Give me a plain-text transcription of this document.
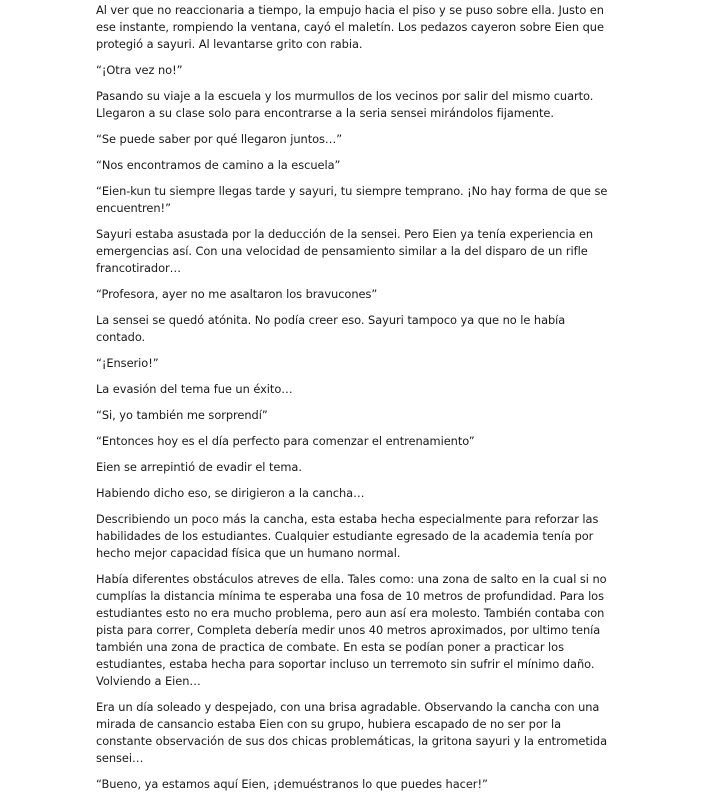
Al ver que no reaccionaria a tiempo, la empujo hacia el piso y se puso sobre ella. Justo en ese instante, rompiendo la ventana, cayó el maletín. Los pedazos cayeron sobre Eien que protegió a sayuri. Al levantarse grito con rabia.

“¡Otra vez no!”

Pasando su viaje a la escuela y los murmullos de los vecinos por salir del mismo cuarto. Llegaron a su clase solo para encontrarse a la seria sensei mirándolos fijamente.

“Se puede saber por qué llegaron juntos…”

“Nos encontramos de camino a la escuela”

“Eien-kun tu siempre llegas tarde y sayuri, tu siempre temprano. ¡No hay forma de que se encuentren!”

Sayuri estaba asustada por la deducción de la sensei. Pero Eien ya tenía experiencia en emergencias así. Con una velocidad de pensamiento similar a la del disparo de un rifle francotirador…

“Profesora, ayer no me asaltaron los bravucones”

La sensei se quedó atónita. No podía creer eso. Sayuri tampoco ya que no le había contado.

“¡Enserio!”

La evasión del tema fue un éxito…

“Si, yo también me sorprendí”

“Entonces hoy es el día perfecto para comenzar el entrenamiento”

Eien se arrepintió de evadir el tema.

Habiendo dicho eso, se dirigieron a la cancha…

Describiendo un poco más la cancha, esta estaba hecha especialmente para reforzar las habilidades de los estudiantes. Cualquier estudiante egresado de la academia tenía por hecho mejor capacidad física que un humano normal.

Había diferentes obstáculos atreves de ella. Tales como: una zona de salto en la cual si no cumplías la distancia mínima te esperaba una fosa de 10 metros de profundidad. Para los estudiantes esto no era mucho problema, pero aun así era molesto. También contaba con pista para correr, Completa debería medir unos 40 metros aproximados, por ultimo tenía también una zona de practica de combate. En esta se podían poner a practicar los estudiantes, estaba hecha para soportar incluso un terremoto sin sufrir el mínimo daño. Volviendo a Eien…

Era un día soleado y despejado, con una brisa agradable. Observando la cancha con una mirada de cansancio estaba Eien con su grupo, hubiera escapado de no ser por la constante observación de sus dos chicas problemáticas, la gritona sayuri y la entrometida sensei…

“Bueno, ya estamos aquí Eien, ¡demuéstranos lo que puedes hacer!”
